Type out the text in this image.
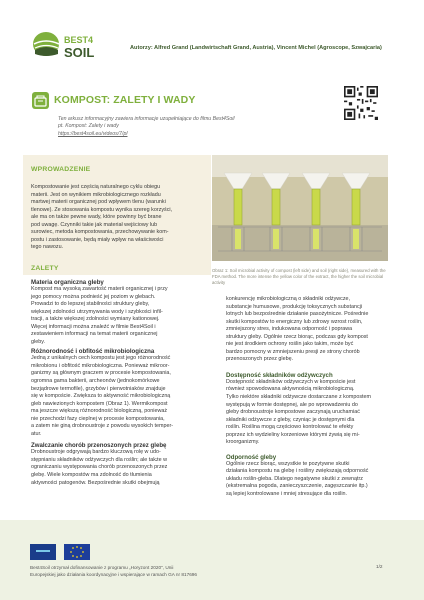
BEST4
SOIL	Autorzy: Alfred Grand (Landwirtschaft Grand, Austria), Vincent Michel (Agroscope, Szwajcaria)
KOMPOST: ZALETY I WADY
Ten arkusz informacyjny zawiera informacje uzupełniające do filmu Best4Soil
pt. Kompost: Zalety i wady
https://best4soil.eu/videos/7/pl
WPROWADZENIE
Kompostowanie jest częścią naturalnego cyklu obiegu
materii. Jest on wynikiem mikrobiologicznego rozkładu
martwej materii organicznej pod wpływem tlenu (warunki
tlenowe). Ze stosowania kompostu wynika szereg korzyści,
ale ma on także pewne wady, które powinny być brane
pod uwagę. Czynniki takie jak materiał wejściowy lub
surowiec, metoda kompostowania, przechowywanie kom-
postu i zastosowanie, będą miały wpływ na właściwości
tego nawozu.
ZALETY
Materia organiczna gleby
Kompost ma wysoką zawartość materii organicznej i przy
jego pomocy można podnieść jej poziom w glebach.
Prowadzi to do lepszej stabilności struktury gleby,
większej zdolności utrzymywania wody i szybkości infil-
tracji, a także większej zdolności wymiany kationowej.
Więcej informacji można znaleźć w filmie Best4Soil i
zestawieniem informacji na temat materii organicznej
gleby.
Różnorodność i obfitość mikrobiologiczna
Jedną z unikalnych cech kompostu jest jego różnorodność
mikrobionu i obfitość mikrobiologiczna. Ponieważ mikroor-
ganizmy są głównym graczem w procesie kompostowania,
ogromna gama bakterii, archeonów (jednokomórkowe
bezjądrowe termofile), grzybów i pierwotniaków znajduje
się w kompoście. Zwiększa to aktywność mikrobiologiczną
gleb nawiezionych kompostem (Obraz 1). Wermikompost
ma jeszcze większą różnorodność biologiczną, ponieważ
nie przechodzi fazy cieplnej w procesie kompostowania,
a zatem nie giną drobnoustroje z powodu wysokich temper-
atur.
Zwalczanie chorób przenoszonych przez glebę
Drobnoustroje odgrywają bardzo kluczową rolę w udo-
stępnianiu składników odżywczych dla roślin; ale także w
ograniczaniu występowania chorób przenoszonych przez
glebę. Wiele kompostów ma zdolność do tłumienia
aktywności patogenów. Bezpośrednie skutki obejmują
Obraz 1: Soil microbial activity of compost (left side) and soil (right side), measured with the FDA method. The more intense the yellow color of the extract, the higher the soil microbial activity
konkurencję mikrobiologiczną o składniki odżywcze,
substancje humusowe, produkcję toksycznych substancji
lotnych lub bezpośrednie działanie pasożytnicze. Pośrednie
skutki kompostów to energiczny lub zdrowy wzrost roślin,
zmniejszony stres, indukowana odporność i poprawa
struktury gleby. Ogólnie rzecz biorąc, podczas gdy kompost
nie jest środkiem ochrony roślin jako takim, może być
bardzo pomocny w zmniejszeniu presji ze strony chorób
przenoszonych przez glebę.
Dostępność składników odżywczych
Dostępność składników odżywczych w kompoście jest
również spowodowana aktywnością mikrobiologiczną.
Tylko niektóre składniki odżywcze dostarczane z kompostem
występują w formie dostępnej, ale po wprowadzeniu do
gleby drobnoustroje kompostowe zaczynają uruchamiać
składniki odżywcze z gleby, czyniąc je dostępnymi dla
roślin. Roślina mogą częściowo kontrolować te efekty
poprzez ich wydzieliny korzeniowe którymi żywią się mi-
kroorganizmy.
Odporność gleby
Ogólnie rzecz biorąc, wszystkie te pozytywne skutki
działania kompostu na glebę i rośliny zwiększają odporność
układu roślin-gleba. Dlatego negatywne skutki z zewnątrz
(ekstremalna pogoda, zanieczyszczenie, zagęszczanie itp.)
są lepiej kontrolowane i mniej stresujące dla roślin.
Best4Soil otrzymał dofinansowanie z programu „Horyzont 2020", Unii
Europejskiej jako działania koordynacyjne i wspierające w ramach GA nr 817696
1/2
